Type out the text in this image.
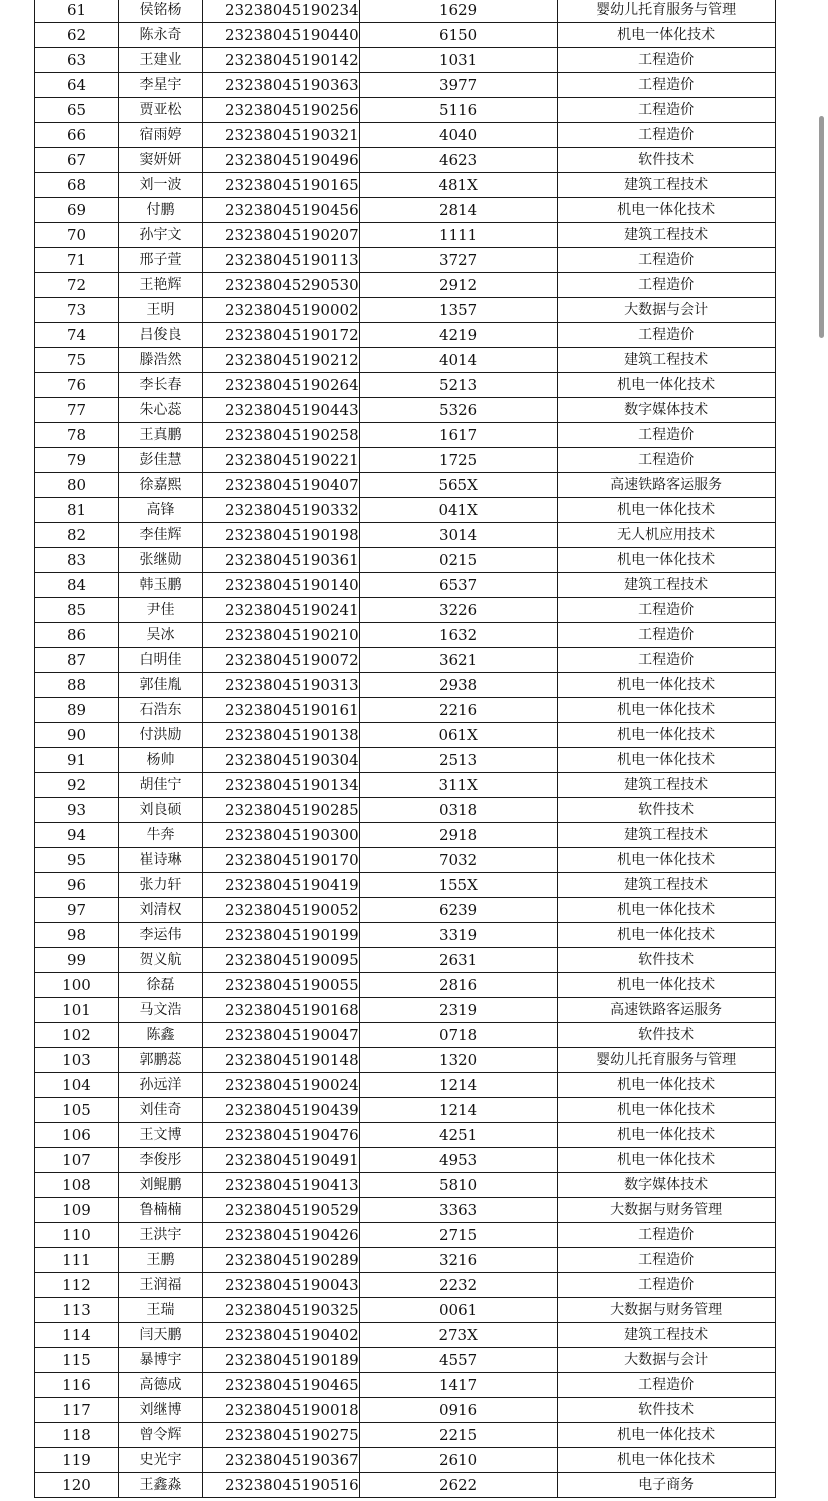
61	侯铭杨	23238045190234	1629	婴幼儿托育服务与管理
62	陈永奇	23238045190440	6150	机电一体化技术
63	王建业	23238045190142	1031	工程造价
64	李星宇	23238045190363	3977	工程造价
65	贾亚松	23238045190256	5116	工程造价
66	宿雨婷	23238045190321	4040	工程造价
67	窦妍妍	23238045190496	4623	软件技术
68	刘一波	23238045190165	481X	建筑工程技术
69	付鹏	23238045190456	2814	机电一体化技术
70	孙宇文	23238045190207	1111	建筑工程技术
71	邢子萱	23238045190113	3727	工程造价
72	王艳辉	23238045290530	2912	工程造价
73	王明	23238045190002	1357	大数据与会计
74	吕俊良	23238045190172	4219	工程造价
75	滕浩然	23238045190212	4014	建筑工程技术
76	李长春	23238045190264	5213	机电一体化技术
77	朱心蕊	23238045190443	5326	数字媒体技术
78	王真鹏	23238045190258	1617	工程造价
79	彭佳慧	23238045190221	1725	工程造价
80	徐嘉熙	23238045190407	565X	高速铁路客运服务
81	高锋	23238045190332	041X	机电一体化技术
82	李佳辉	23238045190198	3014	无人机应用技术
83	张继勋	23238045190361	0215	机电一体化技术
84	韩玉鹏	23238045190140	6537	建筑工程技术
85	尹佳	23238045190241	3226	工程造价
86	吴冰	23238045190210	1632	工程造价
87	白明佳	23238045190072	3621	工程造价
88	郭佳胤	23238045190313	2938	机电一体化技术
89	石浩东	23238045190161	2216	机电一体化技术
90	付洪励	23238045190138	061X	机电一体化技术
91	杨帅	23238045190304	2513	机电一体化技术
92	胡佳宁	23238045190134	311X	建筑工程技术
93	刘良硕	23238045190285	0318	软件技术
94	牛奔	23238045190300	2918	建筑工程技术
95	崔诗琳	23238045190170	7032	机电一体化技术
96	张力轩	23238045190419	155X	建筑工程技术
97	刘清权	23238045190052	6239	机电一体化技术
98	李运伟	23238045190199	3319	机电一体化技术
99	贺义航	23238045190095	2631	软件技术
100	徐磊	23238045190055	2816	机电一体化技术
101	马文浩	23238045190168	2319	高速铁路客运服务
102	陈鑫	23238045190047	0718	软件技术
103	郭鹏蕊	23238045190148	1320	婴幼儿托育服务与管理
104	孙远洋	23238045190024	1214	机电一体化技术
105	刘佳奇	23238045190439	1214	机电一体化技术
106	王文博	23238045190476	4251	机电一体化技术
107	李俊彤	23238045190491	4953	机电一体化技术
108	刘鲲鹏	23238045190413	5810	数字媒体技术
109	鲁楠楠	23238045190529	3363	大数据与财务管理
110	王洪宇	23238045190426	2715	工程造价
111	王鹏	23238045190289	3216	工程造价
112	王润福	23238045190043	2232	工程造价
113	王瑞	23238045190325	0061	大数据与财务管理
114	闫天鹏	23238045190402	273X	建筑工程技术
115	暴博宇	23238045190189	4557	大数据与会计
116	高德成	23238045190465	1417	工程造价
117	刘继博	23238045190018	0916	软件技术
118	曾令辉	23238045190275	2215	机电一体化技术
119	史光宇	23238045190367	2610	机电一体化技术
120	王鑫淼	23238045190516	2622	电子商务
